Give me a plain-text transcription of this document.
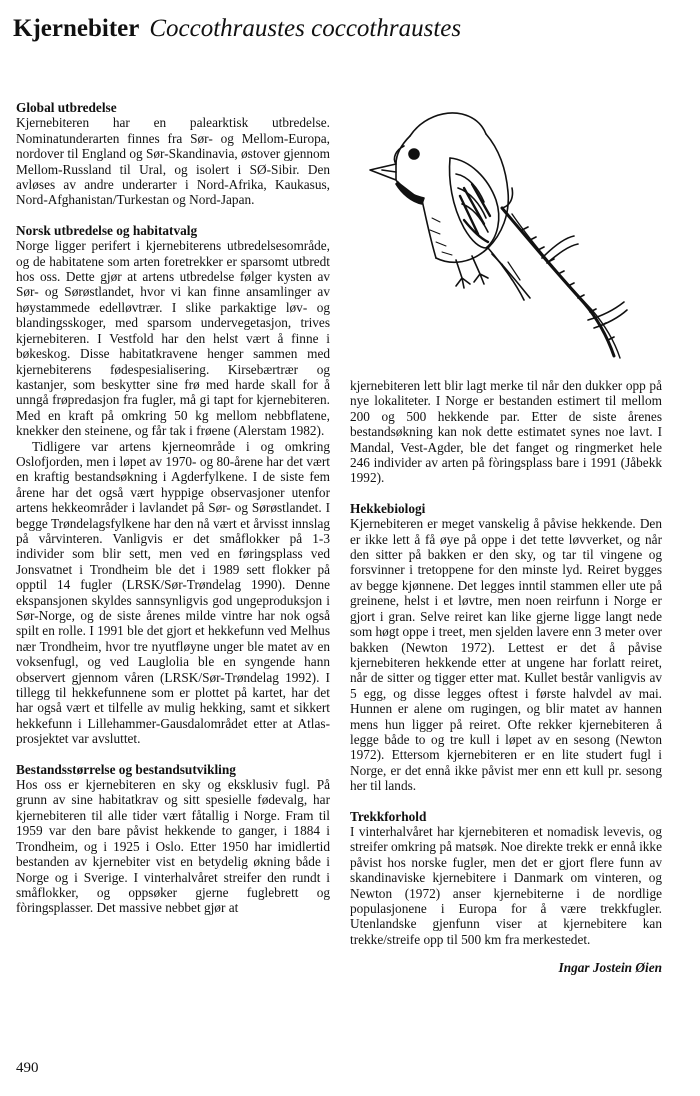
Kjernebiter Coccothraustes coccothraustes

Global utbredelse

Kjernebiteren har en palearktisk utbredelse. Nominatunderarten finnes fra Sør- og Mellom-Europa, nordover til England og Sør-Skandinavia, østover gjennom Mellom-Russland til Ural, og isolert i SØ-Sibir. Den avløses av andre underarter i Nord-Afrika, Kaukasus, Nord-Afghanistan/Turkestan og Nord-Japan.

Norsk utbredelse og habitatvalg

Norge ligger perifert i kjernebiterens utbredelsesområde, og de habitatene som arten foretrekker er sparsomt utbredt hos oss. Dette gjør at artens utbredelse følger kysten av Sør- og Sørøstlandet, hvor vi kan finne ansamlinger av høystammede edelløvtrær. I slike parkaktige løv- og blandingsskoger, med sparsom undervegetasjon, trives kjernebiteren. I Vestfold har den helst vært å finne i bøkeskog. Disse habitatkravene henger sammen med kjernebiterens fødespesialisering. Kirsebærtrær og kastanjer, som beskytter sine frø med harde skall for å unngå frøpredasjon fra fugler, må gi tapt for kjernebiteren. Med en kraft på omkring 50 kg mellom nebbflatene, knekker den steinene, og får tak i frøene (Alerstam 1982).

Tidligere var artens kjerneområde i og omkring Oslofjorden, men i løpet av 1970- og 80-årene har det vært en kraftig bestandsøkning i Agderfylkene. I de siste fem årene har det også vært hyppige observasjoner utenfor artens hekkeområder i lavlandet på Sør- og Sørøstlandet. I begge Trøndelagsfylkene har den nå vært et årvisst innslag på vårvinteren. Vanligvis er det småflokker på 1-3 individer som blir sett, men ved en føringsplass ved Jonsvatnet i Trondheim ble det i 1989 sett flokker på opptil 14 fugler (LRSK/Sør-Trøndelag 1990). Denne ekspansjonen skyldes sannsynligvis god ungeproduksjon i Sør-Norge, og de siste årenes milde vintre har nok også spilt en rolle. I 1991 ble det gjort et hekkefunn ved Melhus nær Trondheim, hvor tre nyutfløyne unger ble matet av en voksenfugl, og ved Lauglolia ble en syngende hann observert gjennom våren (LRSK/Sør-Trøndelag 1992). I tillegg til hekkefunnene som er plottet på kartet, har det har også vært et tilfelle av mulig hekking, samt et sikkert hekkefunn i Lillehammer-Gausdalområdet etter at Atlas-prosjektet var avsluttet.

Bestandsstørrelse og bestandsutvikling

Hos oss er kjernebiteren en sky og eksklusiv fugl. På grunn av sine habitatkrav og sitt spesielle fødevalg, har kjernebiteren til alle tider vært fåtallig i Norge. Fram til 1959 var den bare påvist hekkende to ganger, i 1884 i Trondheim, og i 1925 i Oslo. Etter 1950 har imidlertid bestanden av kjernebiter vist en betydelig økning både i Norge og i Sverige. I vinterhalvåret streifer den rundt i småflokker, og oppsøker gjerne fuglebrett og fòringsplasser. Det massive nebbet gjør at

kjernebiteren lett blir lagt merke til når den dukker opp på nye lokaliteter. I Norge er bestanden estimert til mellom 200 og 500 hekkende par. Etter de siste årenes bestandsøkning kan nok dette estimatet synes noe lavt. I Mandal, Vest-Agder, ble det fanget og ringmerket hele 246 individer av arten på fòringsplass bare i 1991 (Jåbekk 1992).

Hekkebiologi

Kjernebiteren er meget vanskelig å påvise hekkende. Den er ikke lett å få øye på oppe i det tette løvverket, og når den sitter på bakken er den sky, og tar til vingene og forsvinner i tretoppene for den minste lyd. Reiret bygges av begge kjønnene. Det legges inntil stammen eller ute på greinene, helst i et løvtre, men noen reirfunn i Norge er gjort i gran. Selve reiret kan like gjerne ligge langt nede som høgt oppe i treet, men sjelden lavere enn 3 meter over bakken (Newton 1972). Lettest er det å påvise kjernebiteren hekkende etter at ungene har forlatt reiret, når de sitter og tigger etter mat. Kullet består vanligvis av 5 egg, og disse legges oftest i første halvdel av mai. Hunnen er alene om rugingen, og blir matet av hannen mens hun ligger på reiret. Ofte rekker kjernebiteren å legge både to og tre kull i løpet av en sesong (Newton 1972). Ettersom kjernebiteren er en lite studert fugl i Norge, er det ennå ikke påvist mer enn ett kull pr. sesong her til lands.

Trekkforhold

I vinterhalvåret har kjernebiteren et nomadisk levevis, og streifer omkring på matsøk. Noe direkte trekk er ennå ikke påvist hos norske fugler, men det er gjort flere funn av skandinaviske kjernebitere i Danmark om vinteren, og Newton (1972) anser kjernebiterne i de nordlige populasjonene i Europa for å være trekkfugler. Utenlandske gjenfunn viser at kjernebitere kan trekke/streife opp til 500 km fra merkestedet.

Ingar Jostein Øien
490
